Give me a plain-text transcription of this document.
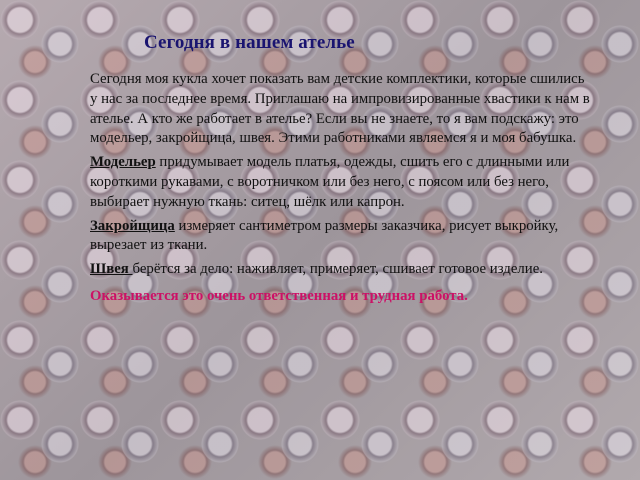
Сегодня в нашем ателье

Сегодня моя кукла хочет показать вам детские комплектики, которые сшились у нас за последнее время. Приглашаю на импровизированные хвастики к нам в ателье. А кто же работает в ателье? Если вы не знаете, то я вам подскажу: это модельер, закройщица, швея. Этими работниками являемся я и моя бабушка.

Модельер придумывает модель платья, одежды, сшить его с длинными или короткими рукавами, с воротничком или без него, с поясом или без него, выбирает нужную ткань: ситец, шёлк или капрон.

Закройщица измеряет сантиметром размеры заказчика, рисует выкройку, вырезает из ткани.

Швея берётся за дело: наживляет, примеряет, сшивает готовое изделие.

Оказывается это очень ответственная и трудная работа.
